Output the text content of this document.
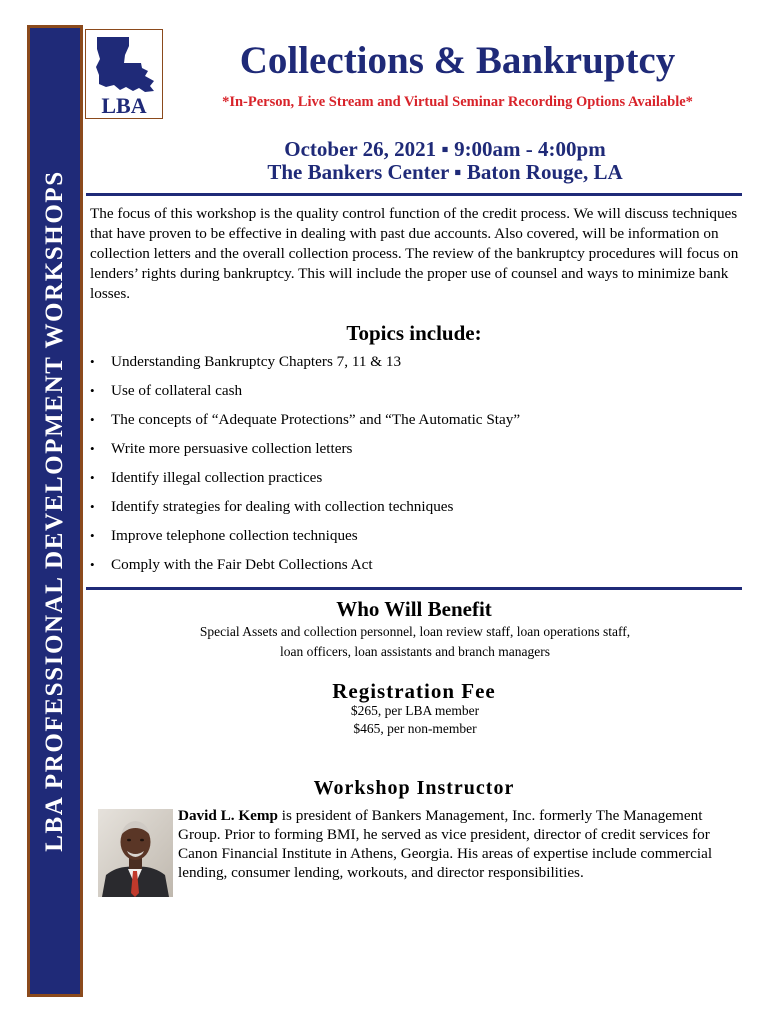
LBA PROFESSIONAL DEVELOPMENT WORKSHOPS
LBA
Collections & Bankruptcy
*In-Person, Live Stream and Virtual Seminar Recording Options Available*
October 26, 2021 ▪ 9:00am - 4:00pm
The Bankers Center ▪ Baton Rouge, LA

The focus of this workshop is the quality control function of the credit process. We will discuss techniques that have proven to be effective in dealing with past due accounts. Also covered, will be information on collection letters and the overall collection process. The review of the bankruptcy procedures will focus on lenders’ rights during bankruptcy. This will include the proper use of counsel and ways to minimize bank losses.

Topics include:
• Understanding Bankruptcy Chapters 7, 11 & 13
• Use of collateral cash
• The concepts of “Adequate Protections” and “The Automatic Stay”
• Write more persuasive collection letters
• Identify illegal collection practices
• Identify strategies for dealing with collection techniques
• Improve telephone collection techniques
• Comply with the Fair Debt Collections Act
Who Will Benefit
Special Assets and collection personnel, loan review staff, loan operations staff,
loan officers, loan assistants and branch managers
Registration Fee
$265, per LBA member
$465, per non-member
Workshop Instructor

David L. Kemp is president of Bankers Management, Inc. formerly The Management Group. Prior to forming BMI, he served as vice president, director of credit services for Canon Financial Institute in Athens, Georgia. His areas of expertise include commercial lending, consumer lending, workouts, and director responsibilities.
